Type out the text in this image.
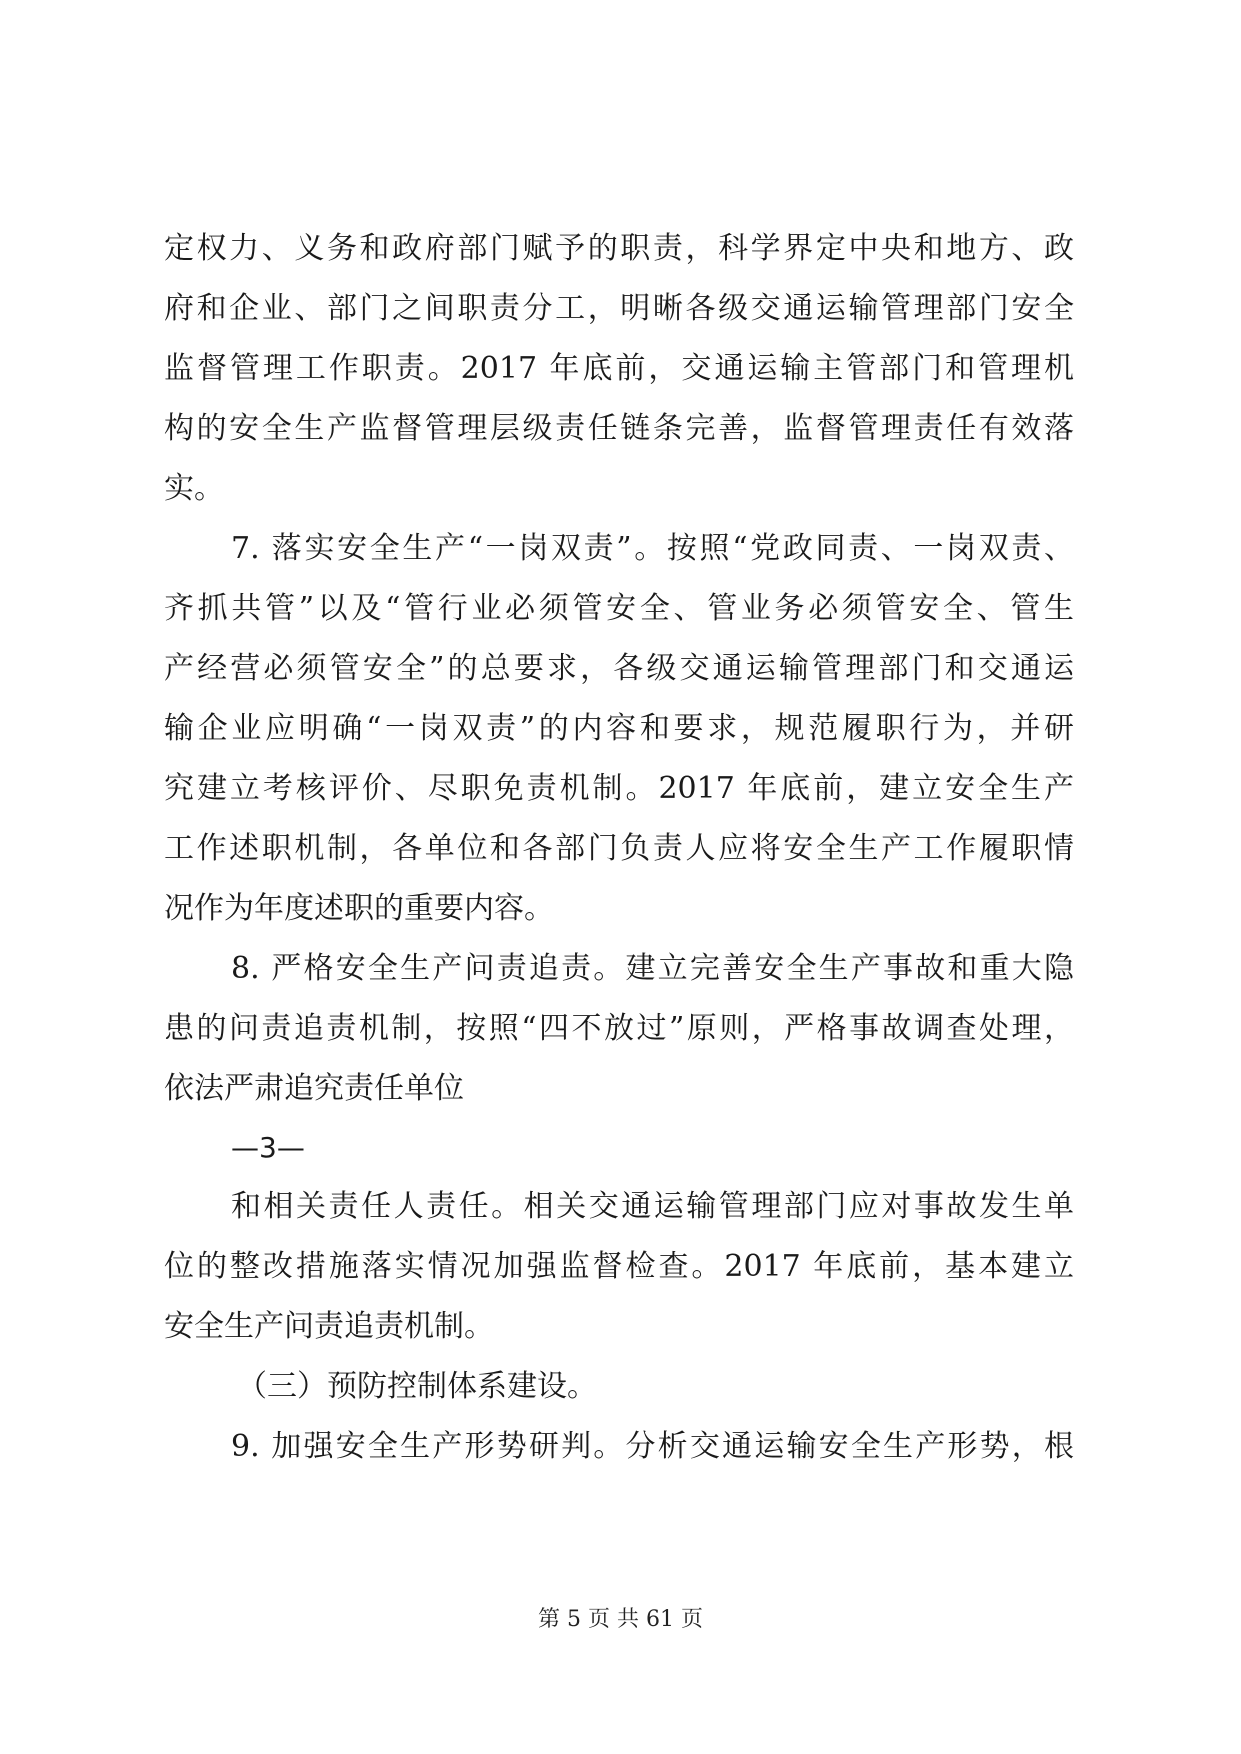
定权力、义务和政府部门赋予的职责，科学界定中央和地方、政
府和企业、部门之间职责分工，明晰各级交通运输管理部门安全
监督管理工作职责。2017 年底前，交通运输主管部门和管理机
构的安全生产监督管理层级责任链条完善，监督管理责任有效落
实。
7. 落实安全生产“一岗双责”。按照“党政同责、一岗双责、
齐抓共管”以及“管行业必须管安全、管业务必须管安全、管生
产经营必须管安全”的总要求，各级交通运输管理部门和交通运
输企业应明确“一岗双责”的内容和要求，规范履职行为，并研
究建立考核评价、尽职免责机制。2017 年底前，建立安全生产
工作述职机制，各单位和各部门负责人应将安全生产工作履职情
况作为年度述职的重要内容。
8. 严格安全生产问责追责。建立完善安全生产事故和重大隐
患的问责追责机制，按照“四不放过”原则，严格事故调查处理，
依法严肃追究责任单位
—3—
和相关责任人责任。相关交通运输管理部门应对事故发生单
位的整改措施落实情况加强监督检查。2017 年底前，基本建立
安全生产问责追责机制。
（三）预防控制体系建设。
9. 加强安全生产形势研判。分析交通运输安全生产形势，根
第 5 页 共 61 页
